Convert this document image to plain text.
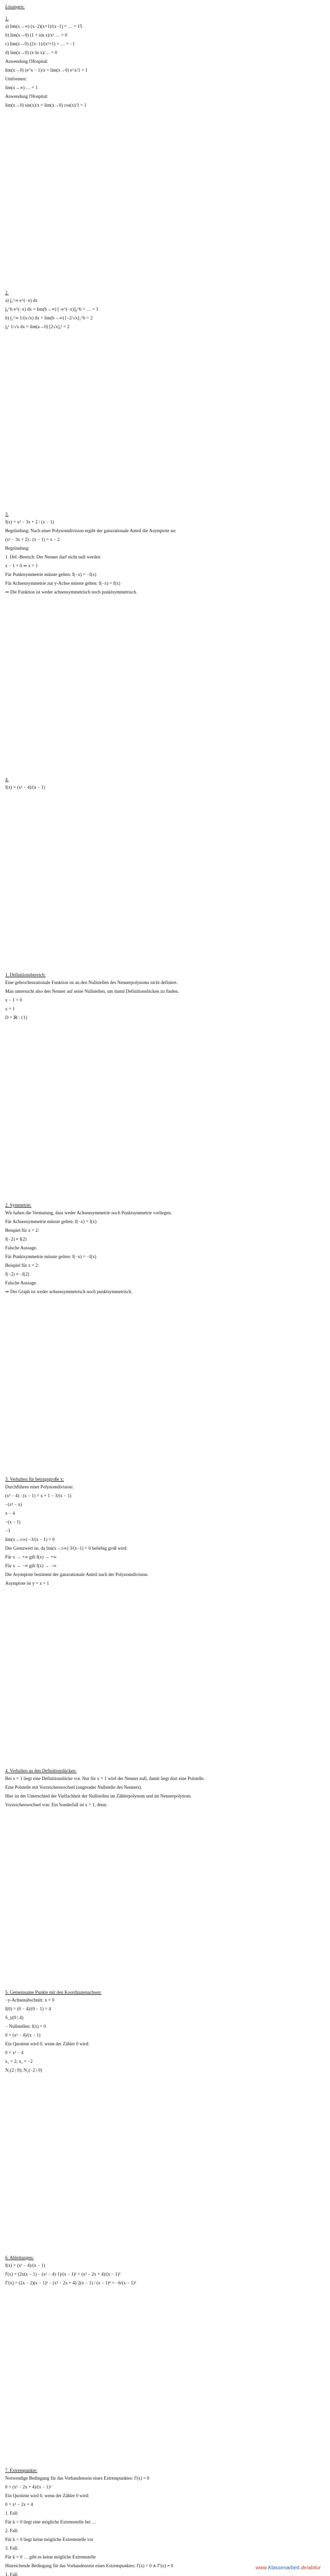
Lösungen:
1.
a) lim(x→∞) (x−2)(x+1)/(x−1) = … = 15
b) lim(x→0) (1 + sin x)/x² … = 0
c) lim(x→0) (2x−1)/(x²+1) = … = −1
d) lim(x→0) (x·ln x)/… = 0
Anwendung l'Hospital:
lim(x→0) (e^x − 1)/x = lim(x→0) e^x/1 = 1
Umformen:
lim(x→∞) … = 1
Anwendung l'Hospital:
lim(x→0) sin(x)/x = lim(x→0) cos(x)/1 = 1
2.
a) ∫₀^∞ e^(−x) dx
∫₀^b e^(−x) dx = lim(b→∞) [−e^(−x)]₀^b = … = 1
b) ∫₁^∞ 1/(x√x) dx = lim(b→∞) [−2/√x]₁^b = 2
∫₀¹ 1/√x dx = lim(a→0) [2√x]ₐ¹ = 2
3.
f(x) = x² − 3x + 2 / (x − 1)
Begründung: Nach einer Polynomdivision ergibt der ganzrationale Anteil die Asymptote an:
(x² − 3x + 2) : (x − 1) = x − 2
Begründung:
1. Def.-Bereich: Der Nenner darf nicht null werden
x − 1 = 0 ⇒ x = 1
Für Punktsymmetrie müsste gelten: f(−x) = −f(x)
Für Achsensymmetrie zur y-Achse müsste gelten: f(−x) = f(x)
⇒ Die Funktion ist weder achsensymmetrisch noch punktsymmetrisch.
4.
f(x) = (x² − 4)/(x − 1)
1. Definitionsbereich:
Eine gebrochenrationale Funktion ist an den Nullstellen des Nennerpolynoms nicht definiert.
Man untersucht also den Nenner auf seine Nullstellen, um damit Definitionslücken zu finden.
x − 1 = 0
x = 1
D = ℝ \ {1}
2. Symmetrie:
Wir haben die Vermutung, dass weder Achsensymmetrie noch Punktsymmetrie vorliegen.
Für Achsensymmetrie müsste gelten: f(−x) = f(x)
Beispiel für x = 2:
f(−2) ≠ f(2)
Falsche Aussage.
Für Punktsymmetrie müsste gelten: f(−x) = −f(x)
Beispiel für x = 2:
f(−2) ≠ −f(2)
Falsche Aussage.
⇒ Der Graph ist weder achsensymmetrisch noch punktsymmetrisch.
3. Verhalten für betragsgroße x:
Durchführen einer Polynomdivision:
(x² − 4) : (x − 1) = x + 1 − 3/(x − 1)
−(x² − x)
x − 4
−(x − 1)
−3
lim(x→±∞) −3/(x − 1) = 0
Der Grenzwert ist, da lim(x→±∞) 3/(x−1) = 0 beliebig groß wird:
Für x → +∞ gilt f(x) → +∞
Für x → −∞ gilt f(x) → −∞
Die Asymptote bestimmt der ganzrationale Anteil nach der Polynomdivision.
Asymptote ist y = x + 1
4. Verhalten an den Definitionslücken:
Bei x = 1 liegt eine Definitionslücke vor. Nur für x = 1 wird der Nenner null, damit liegt dort eine Polstelle.
Eine Polstelle mit Vorzeichenwechsel (ungerader Nullstelle des Nenners).
Hier ist der Unterschied der Vielfachheit der Nullstellen im Zählerpolynom und im Nennerpolynom.
Vorzeichenwechsel von: Ein Sonderfall ist x = 1, denn:
5. Gemeinsame Punkte mit den Koordinatenachsen:
−y-Achsenabschnitt: x = 0
f(0) = (0 − 4)/(0 − 1) = 4
S_y(0 | 4)
− Nullstellen: f(x) = 0
0 = (x² − 4)/(x − 1)
Ein Quotient wird 0, wenn der Zähler 0 wird:
0 = x² − 4
x₁ = 2; x₂ = −2
N₁(2 | 0); N₂(−2 | 0)
6. Ableitungen:
f(x) = (x² − 4)/(x − 1)
f'(x) = (2x(x − 1) − (x² − 4)·1)/(x − 1)² = (x² − 2x + 4)/(x − 1)²
f''(x) = (2x − 2)(x − 1)² − (x² − 2x + 4)·2(x − 1) / (x − 1)⁴ = −6/(x − 1)³
7. Extrempunkte:
Notwendige Bedingung für das Vorhandensein eines Extrempunktes: f'(x) = 0
0 = (x² − 2x + 4)/(x − 1)²
Ein Quotient wird 0, wenn der Zähler 0 wird:
0 = x² − 2x + 4
1. Fall:
Für k > 0 liegt eine mögliche Extremstelle bei …
2. Fall:
Für k < 0 liegt keine mögliche Extremstelle vor
3. Fall:
Für k = 0 … gibt es keine mögliche Extremstelle
Hinreichende Bedingung für das Vorhandensein eines Extrempunktes: f'(x) = 0 ∧ f''(x) ≠ 0
1. Fall:
www.Klassenarbeit.de/abitur
